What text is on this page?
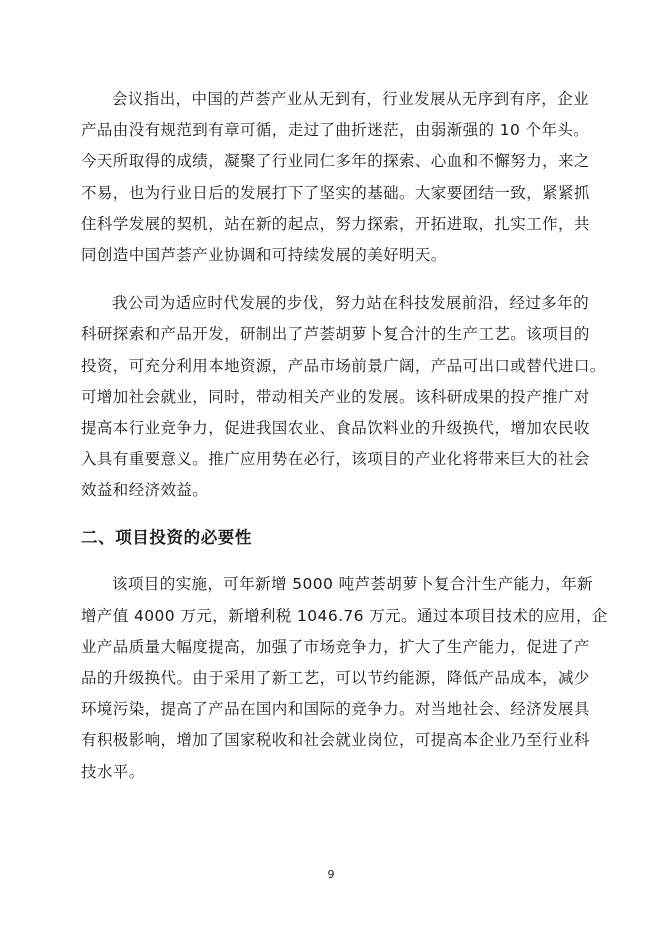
会议指出，中国的芦荟产业从无到有，行业发展从无序到有序，企业
产品由没有规范到有章可循，走过了曲折迷茫，由弱渐强的 10 个年头。
今天所取得的成绩，凝聚了行业同仁多年的探索、心血和不懈努力，来之
不易，也为行业日后的发展打下了坚实的基础。大家要团结一致，紧紧抓
住科学发展的契机，站在新的起点，努力探索，开拓进取，扎实工作，共
同创造中国芦荟产业协调和可持续发展的美好明天。

我公司为适应时代发展的步伐，努力站在科技发展前沿，经过多年的
科研探索和产品开发，研制出了芦荟胡萝卜复合汁的生产工艺。该项目的
投资，可充分利用本地资源，产品市场前景广阔，产品可出口或替代进口。
可增加社会就业，同时，带动相关产业的发展。该科研成果的投产推广对
提高本行业竞争力，促进我国农业、食品饮料业的升级换代，增加农民收
入具有重要意义。推广应用势在必行，该项目的产业化将带来巨大的社会
效益和经济效益。

二、项目投资的必要性

该项目的实施，可年新增 5000 吨芦荟胡萝卜复合汁生产能力，年新
增产值 4000 万元，新增利税 1046.76 万元。通过本项目技术的应用，企
业产品质量大幅度提高，加强了市场竞争力，扩大了生产能力，促进了产
品的升级换代。由于采用了新工艺，可以节约能源，降低产品成本，减少
环境污染，提高了产品在国内和国际的竞争力。对当地社会、经济发展具
有积极影响，增加了国家税收和社会就业岗位，可提高本企业乃至行业科
技水平。

9
